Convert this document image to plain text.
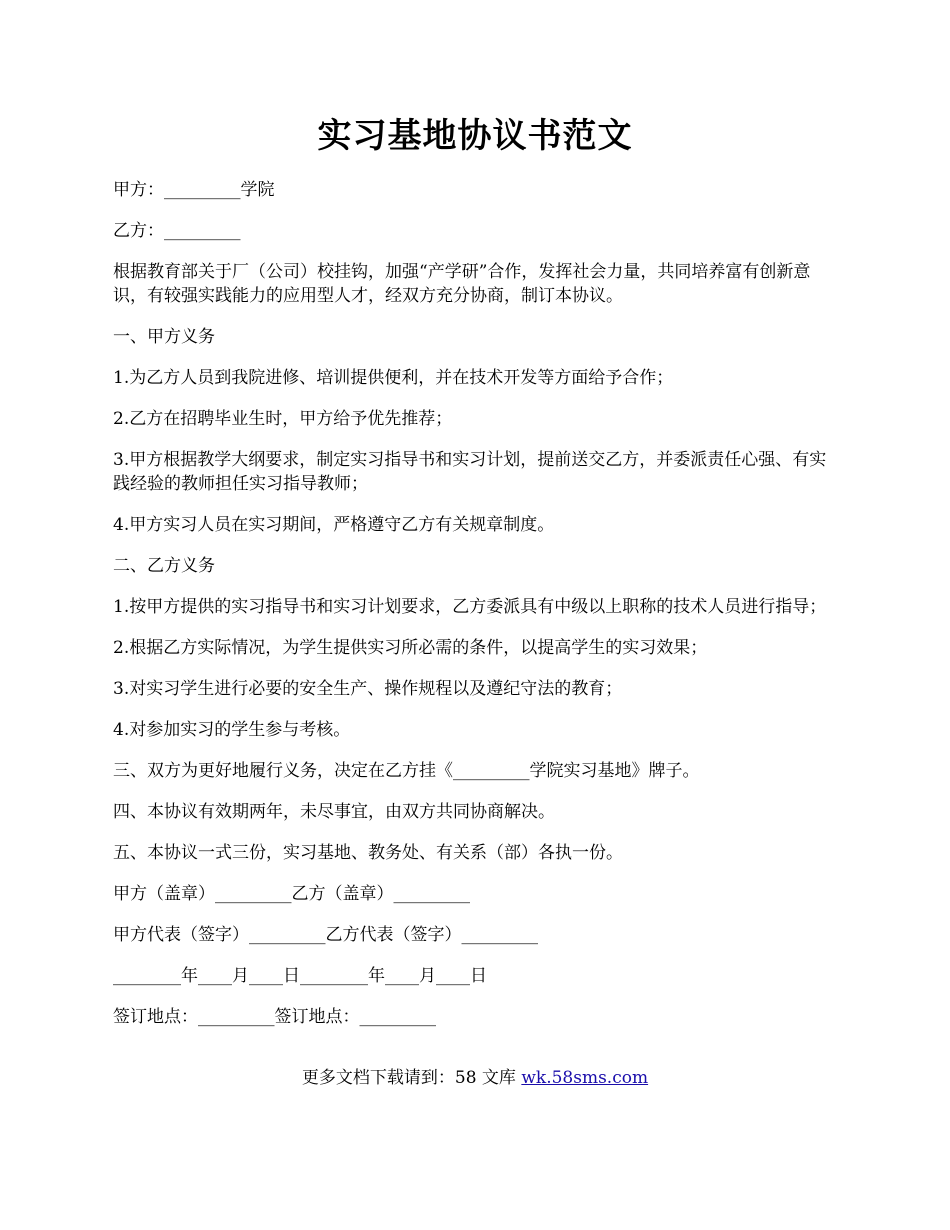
实习基地协议书范文

甲方：_________学院

乙方：_________

根据教育部关于厂（公司）校挂钩，加强“产学研”合作，发挥社会力量，共同培养富有创新意识，有较强实践能力的应用型人才，经双方充分协商，制订本协议。

一、甲方义务

1.为乙方人员到我院进修、培训提供便利，并在技术开发等方面给予合作；

2.乙方在招聘毕业生时，甲方给予优先推荐；

3.甲方根据教学大纲要求，制定实习指导书和实习计划，提前送交乙方，并委派责任心强、有实践经验的教师担任实习指导教师；

4.甲方实习人员在实习期间，严格遵守乙方有关规章制度。

二、乙方义务

1.按甲方提供的实习指导书和实习计划要求，乙方委派具有中级以上职称的技术人员进行指导；

2.根据乙方实际情况，为学生提供实习所必需的条件，以提高学生的实习效果；

3.对实习学生进行必要的安全生产、操作规程以及遵纪守法的教育；

4.对参加实习的学生参与考核。

三、双方为更好地履行义务，决定在乙方挂《_________学院实习基地》牌子。

四、本协议有效期两年，未尽事宜，由双方共同协商解决。

五、本协议一式三份，实习基地、教务处、有关系（部）各执一份。

甲方（盖章）_________乙方（盖章）_________

甲方代表（签字）_________乙方代表（签字）_________

________年____月____日________年____月____日

签订地点：_________签订地点：_________

更多文档下载请到：58 文库 wk.58sms.com
